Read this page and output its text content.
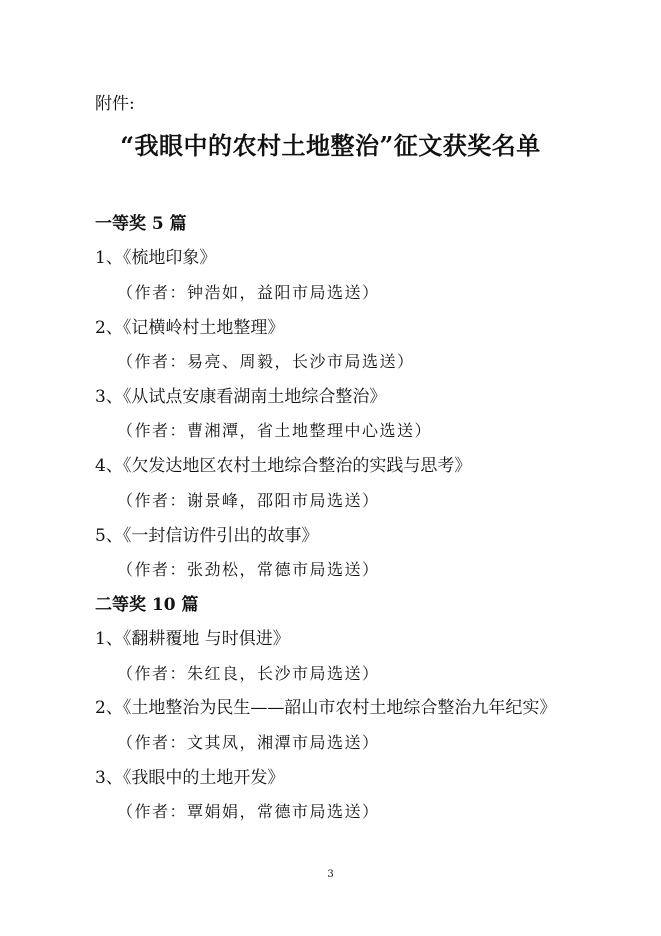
附件:
“我眼中的农村土地整治”征文获奖名单
一等奖 5 篇
1、《梳地印象》
（作者：钟浩如，益阳市局选送）
2、《记横岭村土地整理》
（作者：易亮、周毅，长沙市局选送）
3、《从试点安康看湖南土地综合整治》
（作者：曹湘潭，省土地整理中心选送）
4、《欠发达地区农村土地综合整治的实践与思考》
（作者：谢景峰，邵阳市局选送）
5、《一封信访件引出的故事》
（作者：张劲松，常德市局选送）
二等奖 10 篇
1、《翻耕覆地 与时俱进》
（作者：朱红良，长沙市局选送）
2、《土地整治为民生——韶山市农村土地综合整治九年纪实》
（作者：文其凤，湘潭市局选送）
3、《我眼中的土地开发》
（作者：覃娟娟，常德市局选送）
3
